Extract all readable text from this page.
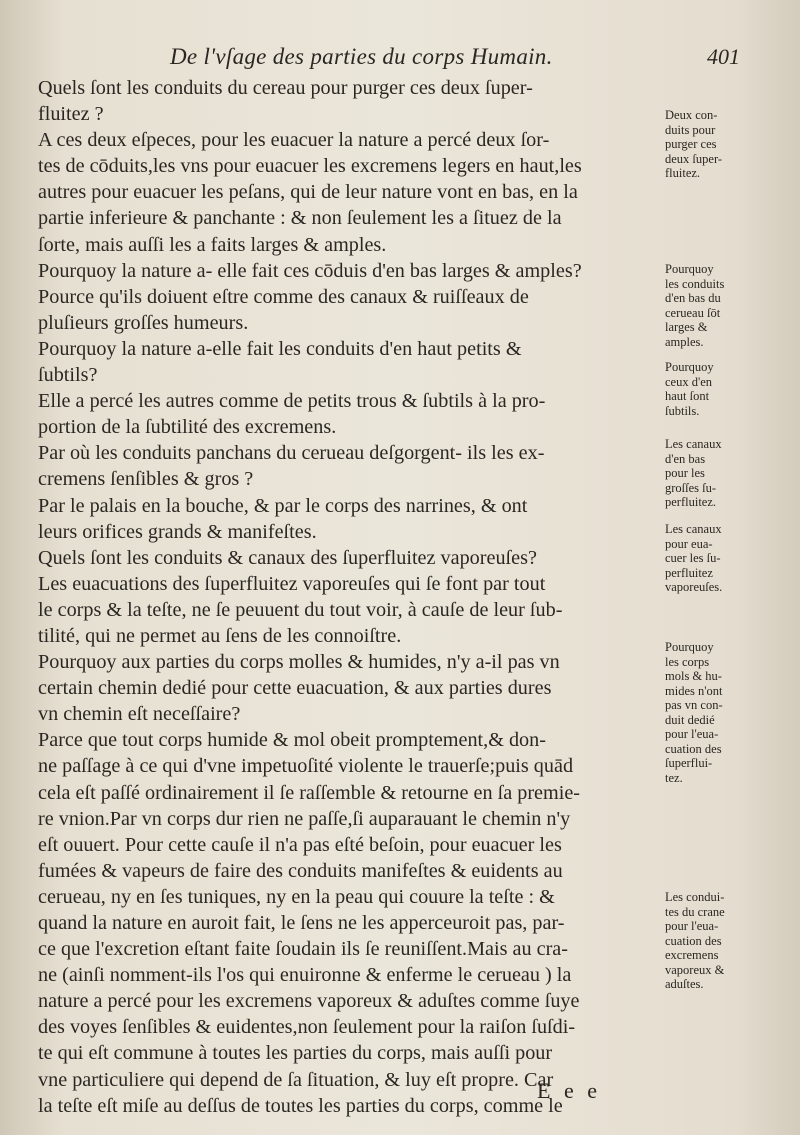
De l'vſage des parties du corps Humain.	401
Quels ſont les conduits du cereau pour purger ces deux ſuper-
fluitez ?
A ces deux eſpeces, pour les euacuer la nature a percé deux ſor-
tes de cōduits,les vns pour euacuer les excremens legers en haut,les
autres pour euacuer les peſans, qui de leur nature vont en bas, en la
partie inferieure & panchante : & non ſeulement les a ſituez de la
ſorte, mais auſſi les a faits larges & amples.
Pourquoy la nature a- elle fait ces cōduis d'en bas larges & amples?
Pource qu'ils doiuent eſtre comme des canaux & ruiſſeaux de
pluſieurs groſſes humeurs.
Pourquoy la nature a-elle fait les conduits d'en haut petits &
ſubtils?
Elle a percé les autres comme de petits trous & ſubtils à la pro-
portion de la ſubtilité des excremens.
Par où les conduits panchans du cerueau deſgorgent- ils les ex-
cremens ſenſibles & gros ?
Par le palais en la bouche, & par le corps des narrines, & ont
leurs orifices grands & manifeſtes.
Quels ſont les conduits & canaux des ſuperfluitez vaporeuſes?
Les euacuations des ſuperfluitez vaporeuſes qui ſe font par tout
le corps & la teſte, ne ſe peuuent du tout voir, à cauſe de leur ſub-
tilité, qui ne permet au ſens de les connoiſtre.
Pourquoy aux parties du corps molles & humides, n'y a-il pas vn
certain chemin dedié pour cette euacuation, & aux parties dures
vn chemin eſt neceſſaire?
Parce que tout corps humide & mol obeit promptement,& don-
ne paſſage à ce qui d'vne impetuoſité violente le trauerſe;puis quād
cela eſt paſſé ordinairement il ſe raſſemble & retourne en ſa premie-
re vnion.Par vn corps dur rien ne paſſe,ſi auparauant le chemin n'y
eſt ouuert. Pour cette cauſe il n'a pas eſté beſoin, pour euacuer les
fumées & vapeurs de faire des conduits manifeſtes & euidents au
cerueau, ny en ſes tuniques, ny en la peau qui couure la teſte : &
quand la nature en auroit fait, le ſens ne les apperceuroit pas, par-
ce que l'excretion eſtant faite ſoudain ils ſe reuniſſent.Mais au cra-
ne (ainſi nomment-ils l'os qui enuironne & enferme le cerueau ) la
nature a percé pour les excremens vaporeux & aduſtes comme ſuye
des voyes ſenſibles & euidentes,non ſeulement pour la raiſon ſuſdi-
te qui eſt commune à toutes les parties du corps, mais auſſi pour
vne particuliere qui depend de ſa ſituation, & luy eſt propre. Car
la teſte eſt miſe au deſſus de toutes les parties du corps, comme le
Deux con-
duits pour
purger ces
deux ſuper-
fluitez.
Pourquoy
les conduits
d'en bas du
cerueau ſōt
larges &
amples.
Pourquoy
ceux d'en
haut ſont
ſubtils.
Les canaux
d'en bas
pour les
groſſes ſu-
perfluitez.
Les canaux
pour eua-
cuer les ſu-
perfluitez
vaporeuſes.
Pourquoy
les corps
mols & hu-
mides n'ont
pas vn con-
duit dedié
pour l'eua-
cuation des
ſuperflui-
tez.
Les condui-
tes du crane
pour l'eua-
cuation des
excremens
vaporeux &
aduſtes.
E e e
